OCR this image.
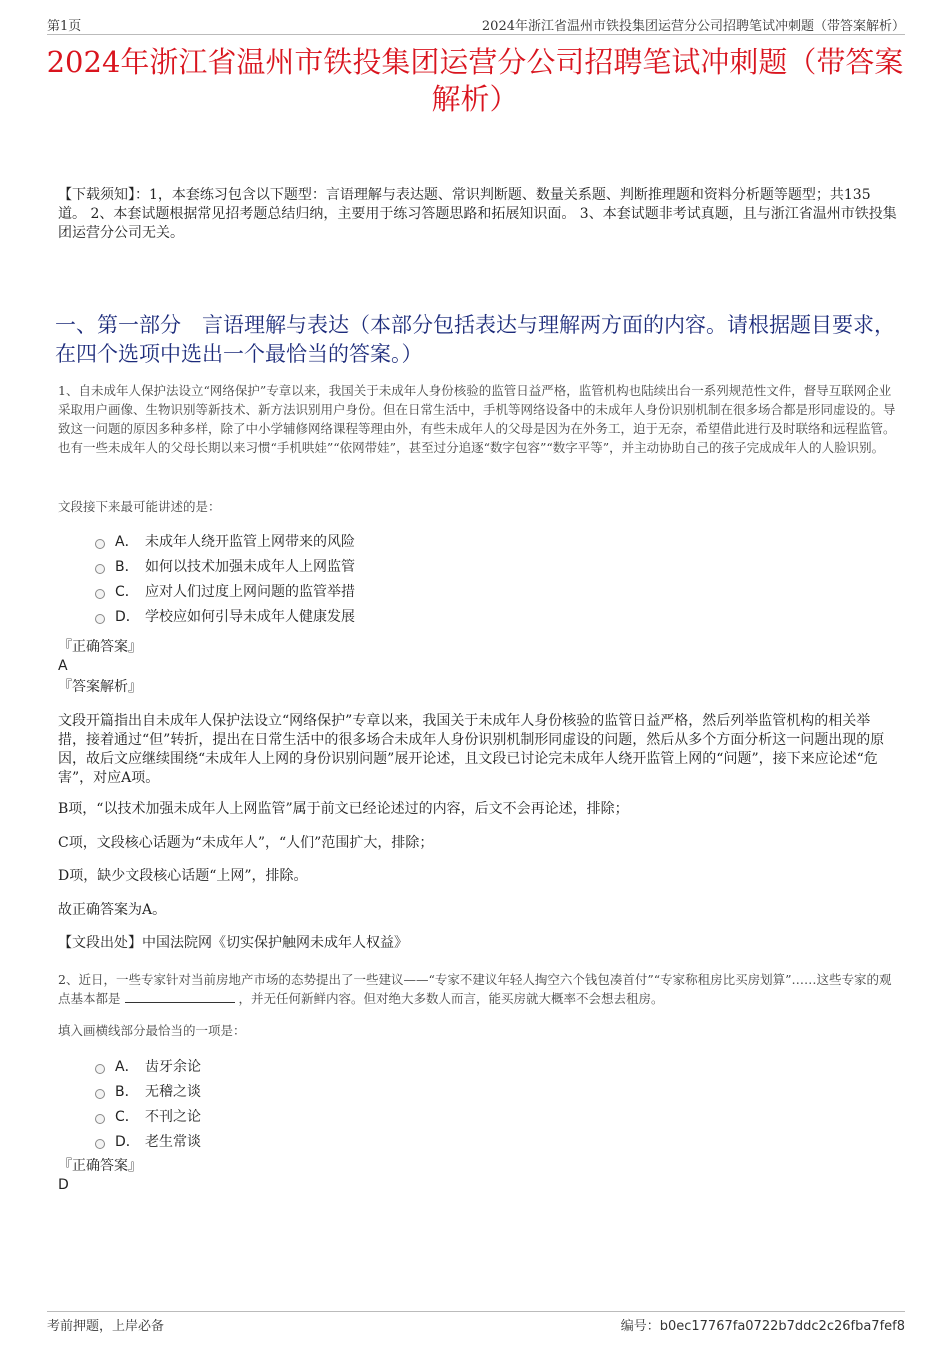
第1页	2024年浙江省温州市铁投集团运营分公司招聘笔试冲刺题（带答案解析）
2024年浙江省温州市铁投集团运营分公司招聘笔试冲刺题（带答案解析）
【下载须知】：1，本套练习包含以下题型：言语理解与表达题、常识判断题、数量关系题、判断推理题和资料分析题等题型；共135道。 2、本套试题根据常见招考题总结归纳，主要用于练习答题思路和拓展知识面。 3、本套试题非考试真题，且与浙江省温州市铁投集团运营分公司无关。
一、第一部分　言语理解与表达（本部分包括表达与理解两方面的内容。请根据题目要求，在四个选项中选出一个最恰当的答案。）
1、自未成年人保护法设立“网络保护”专章以来，我国关于未成年人身份核验的监管日益严格，监管机构也陆续出台一系列规范性文件，督导互联网企业采取用户画像、生物识别等新技术、新方法识别用户身份。但在日常生活中，手机等网络设备中的未成年人身份识别机制在很多场合都是形同虚设的。导致这一问题的原因多种多样，除了中小学辅修网络课程等理由外，有些未成年人的父母是因为在外务工，迫于无奈，希望借此进行及时联络和远程监管。也有一些未成年人的父母长期以来习惯“手机哄娃”“依网带娃”，甚至过分追逐“数字包容”“数字平等”，并主动协助自己的孩子完成成年人的人脸识别。
文段接下来最可能讲述的是：
A． 未成年人绕开监管上网带来的风险
B． 如何以技术加强未成年人上网监管
C． 应对人们过度上网问题的监管举措
D． 学校应如何引导未成年人健康发展
『正确答案』
A
『答案解析』
文段开篇指出自未成年人保护法设立“网络保护”专章以来，我国关于未成年人身份核验的监管日益严格，然后列举监管机构的相关举措，接着通过“但”转折，提出在日常生活中的很多场合未成年人身份识别机制形同虚设的问题，然后从多个方面分析这一问题出现的原因，故后文应继续围绕“未成年人上网的身份识别问题”展开论述，且文段已讨论完未成年人绕开监管上网的“问题”，接下来应论述“危害”，对应A项。
B项，“以技术加强未成年人上网监管”属于前文已经论述过的内容，后文不会再论述，排除；
C项，文段核心话题为“未成年人”，“人们”范围扩大，排除；
D项，缺少文段核心话题“上网”，排除。
故正确答案为A。
【文段出处】中国法院网《切实保护触网未成年人权益》
2、近日，一些专家针对当前房地产市场的态势提出了一些建议——“专家不建议年轻人掏空六个钱包凑首付”“专家称租房比买房划算”……这些专家的观点基本都是	，并无任何新鲜内容。但对绝大多数人而言，能买房就大概率不会想去租房。
填入画横线部分最恰当的一项是：
A． 齿牙余论
B． 无稽之谈
C． 不刊之论
D． 老生常谈
『正确答案』
D
考前押题，上岸必备	编号：b0ec17767fa0722b7ddc2c26fba7fef8
